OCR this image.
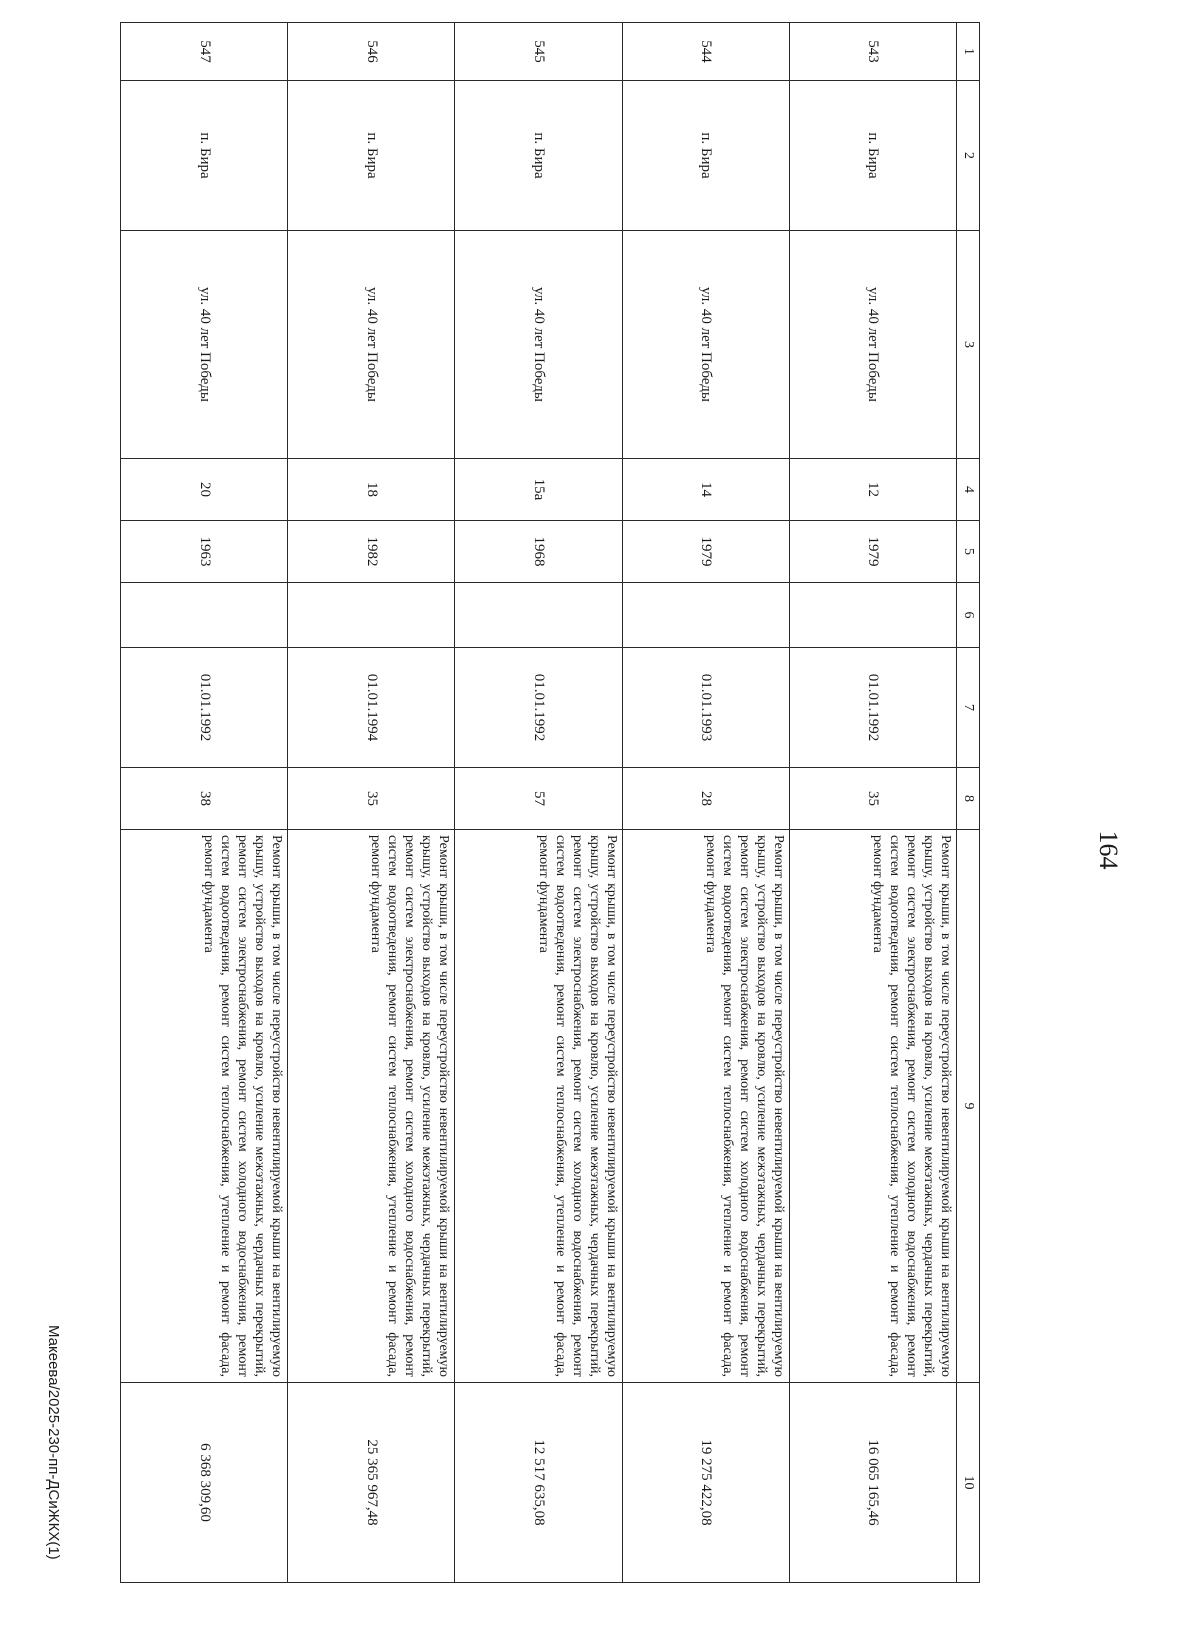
164
1	2	3	4	5	6	7	8	9	10
543	п. Бира	ул. 40 лет Победы	12	1979		01.01.1992	35	Ремонт крыши, в том числе переустройство невентилируемой крыши на вентилируемую крышу, устройство выходов на кровлю, усиление межэтажных, чердачных перекрытий, ремонт систем электроснабжения, ремонт систем холодного водоснабжения, ремонт систем водоотведения, ремонт систем теплоснабжения, утепление и ремонт фасада, ремонт фундамента	16 065 165,46
544	п. Бира	ул. 40 лет Победы	14	1979		01.01.1993	28	Ремонт крыши, в том числе переустройство невентилируемой крыши на вентилируемую крышу, устройство выходов на кровлю, усиление межэтажных, чердачных перекрытий, ремонт систем электроснабжения, ремонт систем холодного водоснабжения, ремонт систем водоотведения, ремонт систем теплоснабжения, утепление и ремонт фасада, ремонт фундамента	19 275 422,08
545	п. Бира	ул. 40 лет Победы	15а	1968		01.01.1992	57	Ремонт крыши, в том числе переустройство невентилируемой крыши на вентилируемую крышу, устройство выходов на кровлю, усиление межэтажных, чердачных перекрытий, ремонт систем электроснабжения, ремонт систем холодного водоснабжения, ремонт систем водоотведения, ремонт систем теплоснабжения, утепление и ремонт фасада, ремонт фундамента	12 517 635,08
546	п. Бира	ул. 40 лет Победы	18	1982		01.01.1994	35	Ремонт крыши, в том числе переустройство невентилируемой крыши на вентилируемую крышу, устройство выходов на кровлю, усиление межэтажных, чердачных перекрытий, ремонт систем электроснабжения, ремонт систем холодного водоснабжения, ремонт систем водоотведения, ремонт систем теплоснабжения, утепление и ремонт фасада, ремонт фундамента	25 365 967,48
547	п. Бира	ул. 40 лет Победы	20	1963		01.01.1992	38	Ремонт крыши, в том числе переустройство невентилируемой крыши на вентилируемую крышу, устройство выходов на кровлю, усиление межэтажных, чердачных перекрытий, ремонт систем электроснабжения, ремонт систем холодного водоснабжения, ремонт систем водоотведения, ремонт систем теплоснабжения, утепление и ремонт фасада, ремонт фундамента	6 368 309,60
Макеева/2025-230-пп-ДСиЖКХ(1)
